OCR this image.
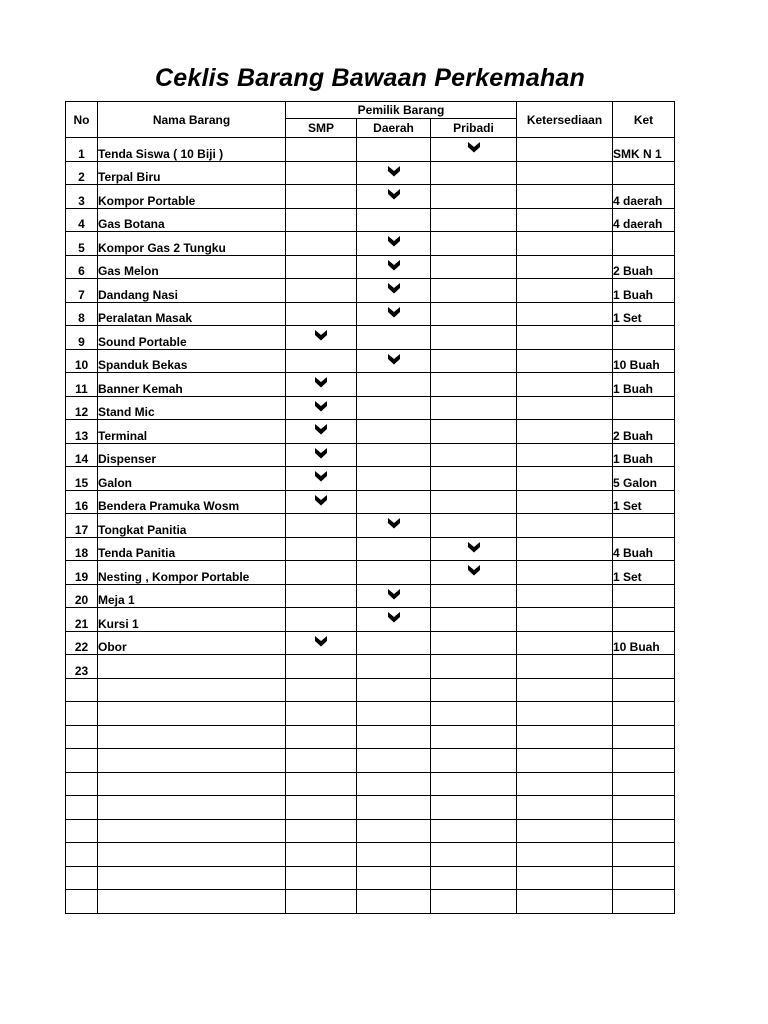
Ceklis Barang Bawaan Perkemahan
No	Nama Barang	Pemilik Barang			Ketersediaan	Ket
		SMP	Daerah	Pribadi		
1	Tenda Siswa ( 10 Biji )					SMK N 1
2	Terpal Biru		

3	Kompor Portable					4 daerah
4	Gas Botana					4 daerah
5	Kompor Gas 2 Tungku		

6	Gas Melon					2 Buah
7	Dandang Nasi					1 Buah
8	Peralatan Masak					1 Set
9	Sound Portable	

10	Spanduk Bekas					10 Buah
11	Banner Kemah					1 Buah
12	Stand Mic	

13	Terminal					2 Buah
14	Dispenser					1 Buah
15	Galon					5 Galon
16	Bendera Pramuka Wosm					1 Set
17	Tongkat Panitia		

18	Tenda Panitia					4 Buah
19	Nesting , Kompor Portable					1 Set
20	Meja 1		

21	Kursi 1		

22	Obor					10 Buah
23						
